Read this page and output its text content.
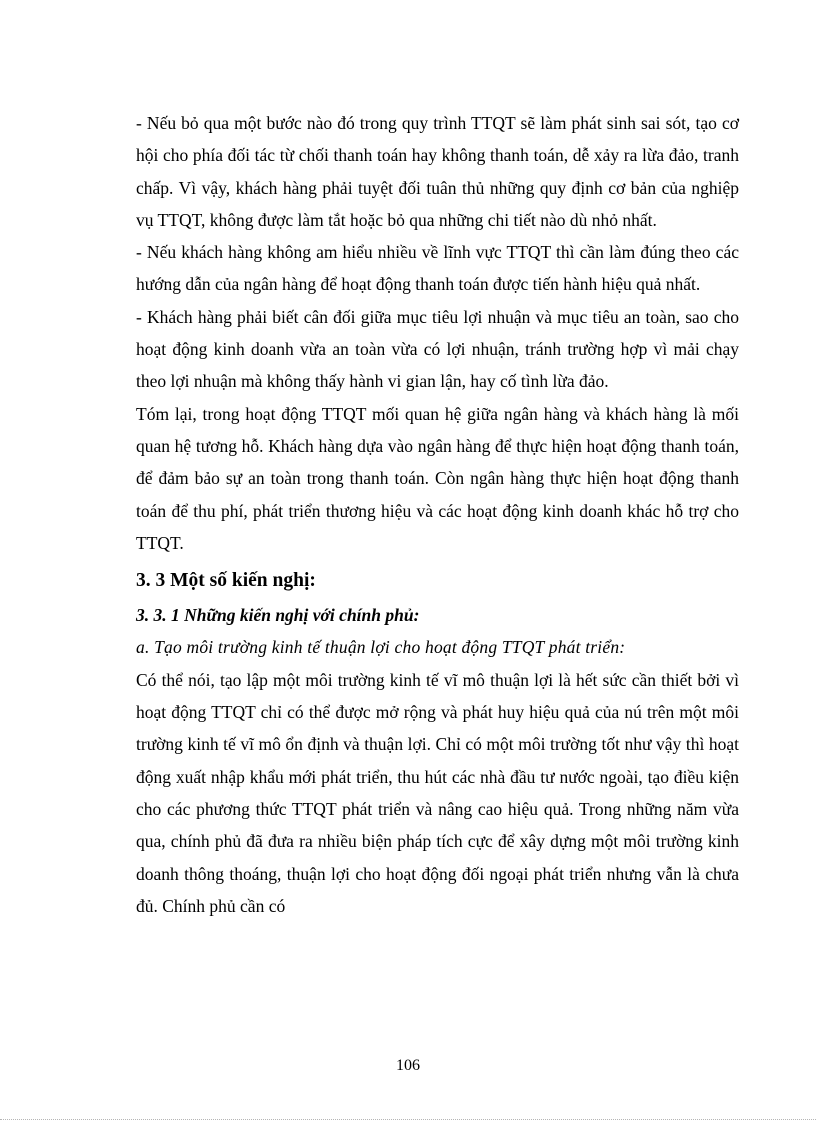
- Nếu bỏ qua một bước nào đó trong quy trình TTQT sẽ làm phát sinh sai sót, tạo cơ hội cho phía đối tác từ chối thanh toán hay không thanh toán, dễ xảy ra lừa đảo, tranh chấp. Vì vậy, khách hàng phải tuyệt đối tuân thủ những quy định cơ bản của nghiệp vụ TTQT, không được làm tắt hoặc bỏ qua những chi tiết nào dù nhỏ nhất.

- Nếu khách hàng không am hiểu nhiều về lĩnh vực TTQT thì cần làm đúng theo các hướng dẫn của ngân hàng để hoạt động thanh toán được tiến hành hiệu quả nhất.

- Khách hàng phải biết cân đối giữa mục tiêu lợi nhuận và mục tiêu an toàn, sao cho hoạt động kinh doanh vừa an toàn vừa có lợi nhuận, tránh trường hợp vì mải chạy theo lợi nhuận mà không thấy hành vi gian lận, hay cố tình lừa đảo.

Tóm lại, trong hoạt động TTQT mối quan hệ giữa ngân hàng và khách hàng là mối quan hệ tương hỗ. Khách hàng dựa vào ngân hàng để thực hiện hoạt động thanh toán, để đảm bảo sự an toàn trong thanh toán. Còn ngân hàng thực hiện hoạt động thanh toán để thu phí, phát triển thương hiệu và các hoạt động kinh doanh khác hỗ trợ cho TTQT.

3. 3 Một số kiến nghị:

3. 3. 1 Những kiến nghị với chính phủ:

a. Tạo môi trường kinh tế thuận lợi cho hoạt động TTQT phát triển:

Có thể nói, tạo lập một môi trường kinh tế vĩ mô thuận lợi là hết sức cần thiết bởi vì hoạt động TTQT chỉ có thể được mở rộng và phát huy hiệu quả của nú trên một môi trường kinh tế vĩ mô ổn định và thuận lợi. Chỉ có một môi trường tốt như vậy thì hoạt động xuất nhập khẩu mới phát triển, thu hút các nhà đầu tư nước ngoài, tạo điều kiện cho các phương thức TTQT phát triển và nâng cao hiệu quả. Trong những năm vừa qua, chính phủ đã đưa ra nhiều biện pháp tích cực để xây dựng một môi trường kinh doanh thông thoáng, thuận lợi cho hoạt động đối ngoại phát triển nhưng vẫn là chưa đủ. Chính phủ cần có

106
